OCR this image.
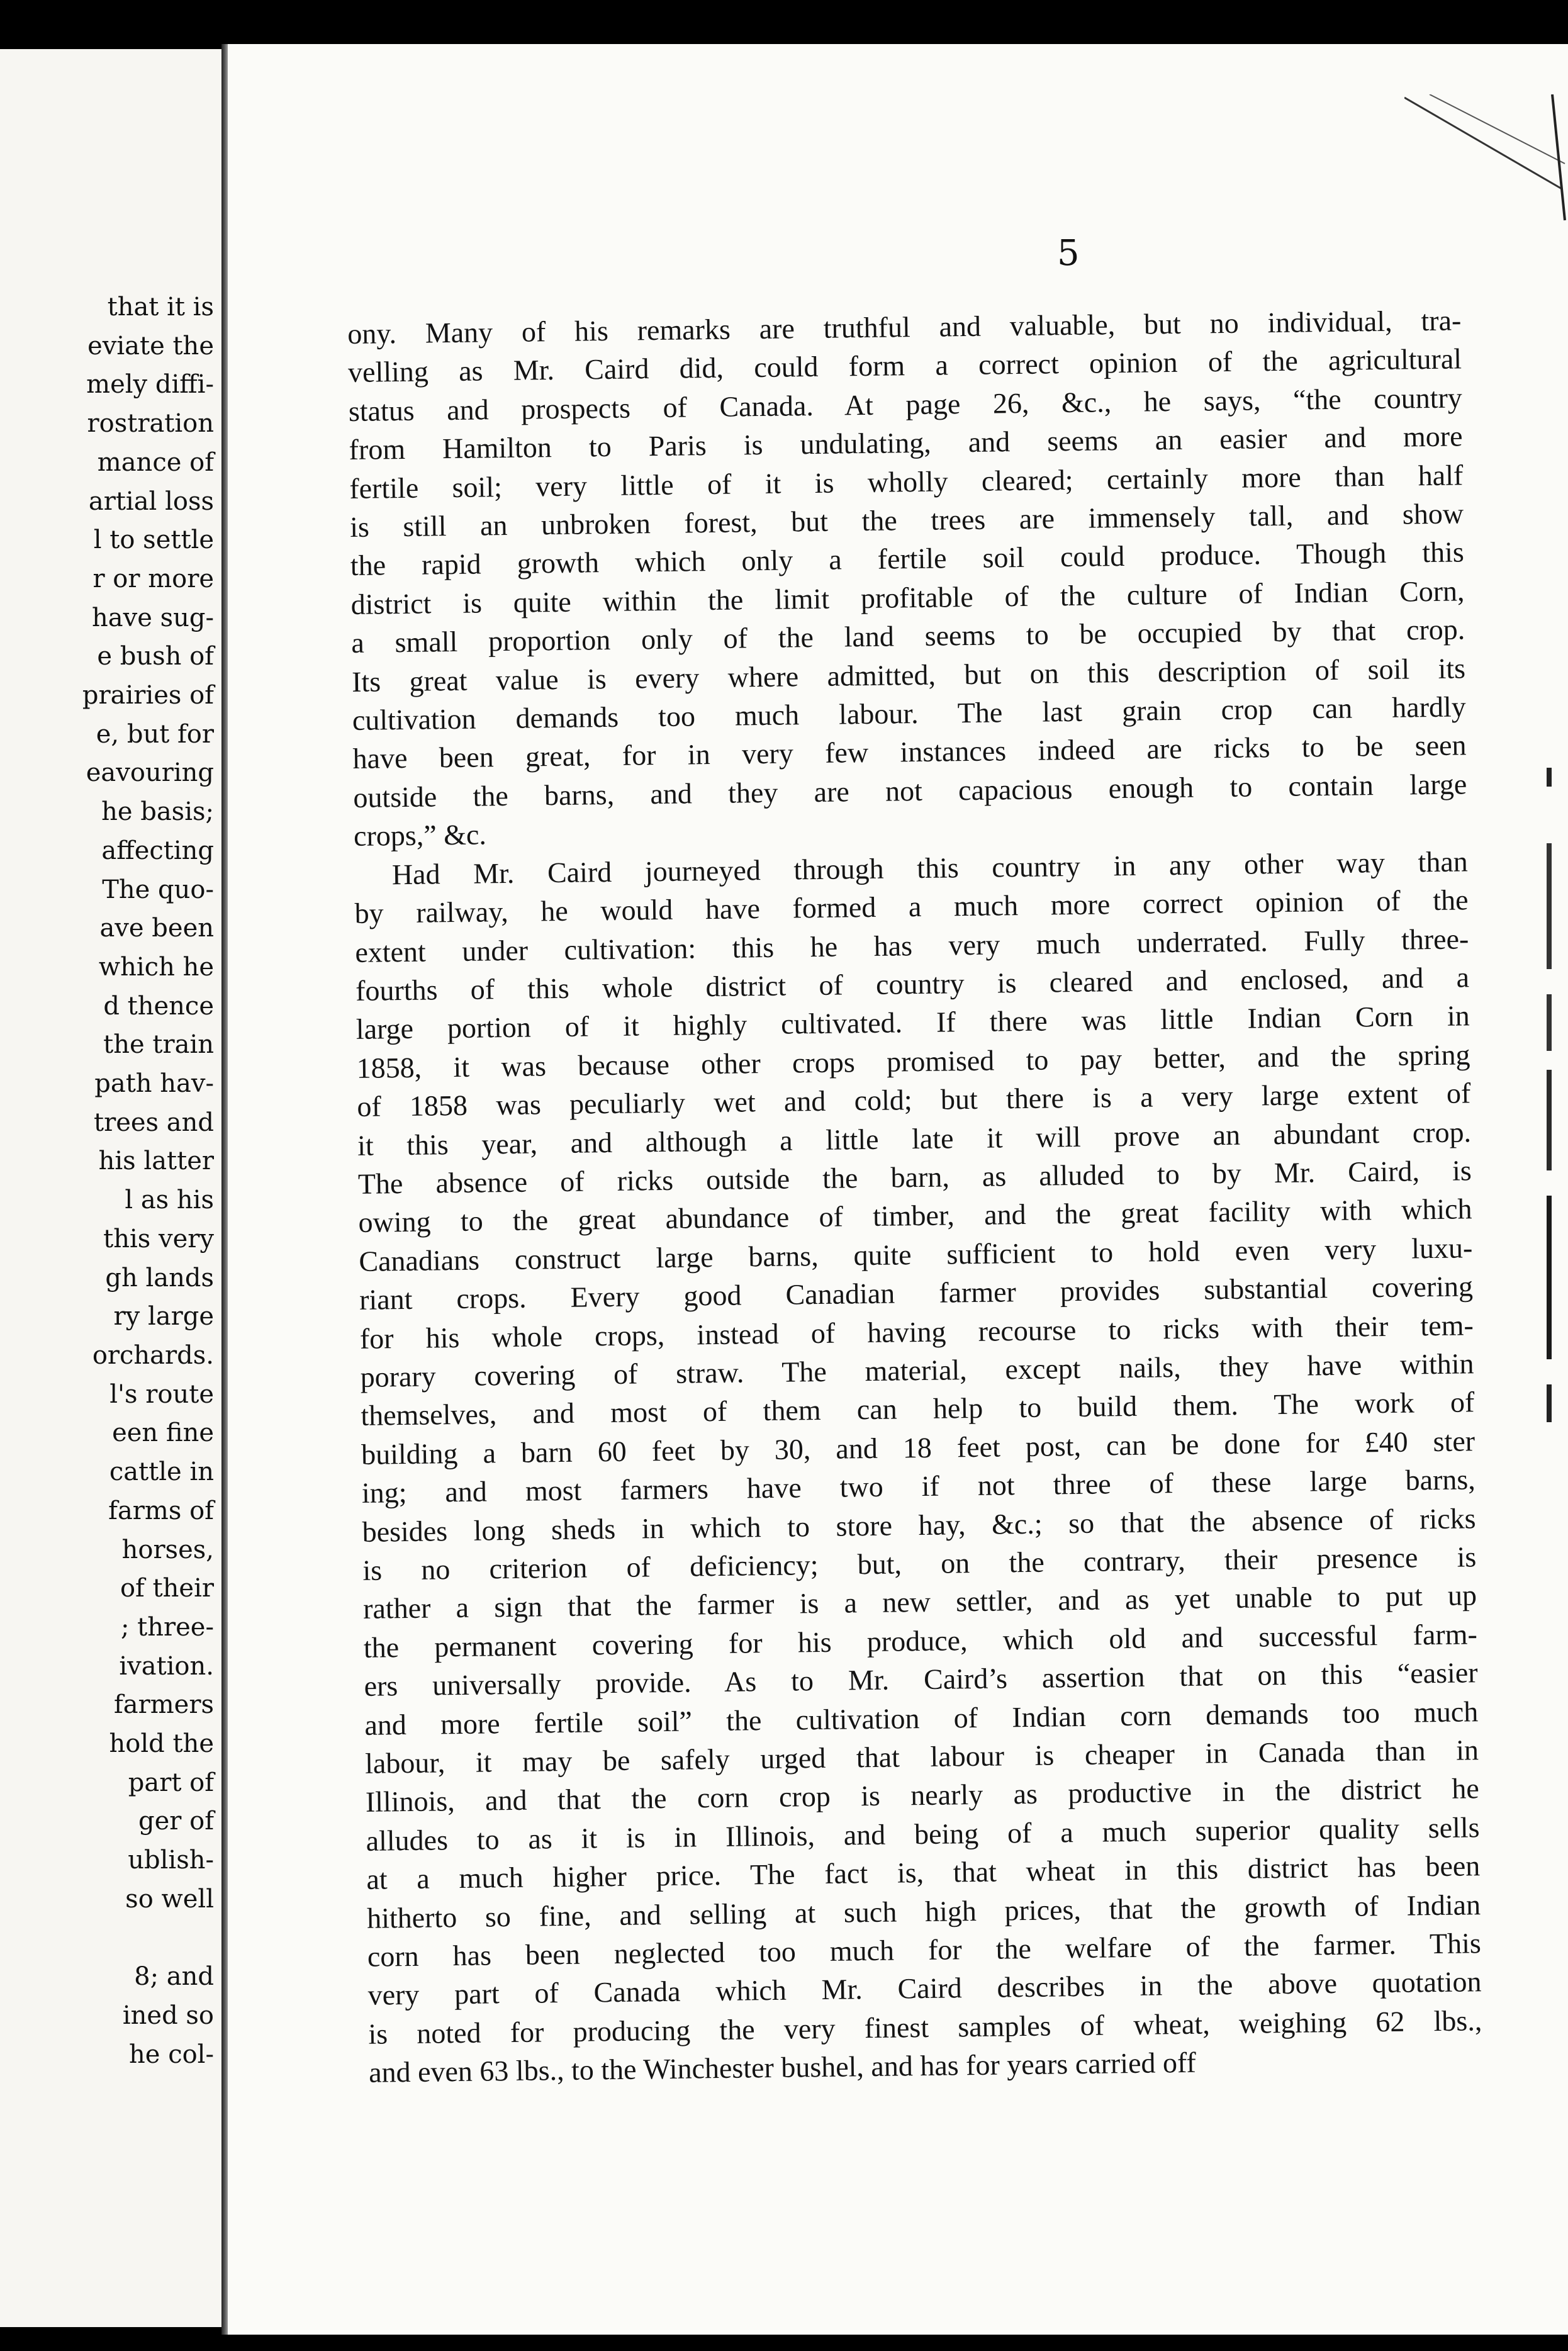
that it is
eviate the
mely diffi-
rostration
mance of
artial loss
l to settle
r or more
have sug-
e bush of
prairies of
e, but for
eavouring
he basis;
affecting
The quo-
ave been
which he
d thence
the train
path hav-
trees and
his latter
l as his
this very
gh lands
ry large
orchards.
l's route
een fine
cattle in
farms of
horses,
of their
; three-
ivation.
farmers
hold the
part of
ger of
ublish-
so well
8; and
ined so
he col-
5
ony. Many of his remarks are truthful and valuable, but no individual, tra-
velling as Mr. Caird did, could form a correct opinion of the agricultural
status and prospects of Canada. At page 26, &c., he says, “the country
from Hamilton to Paris is undulating, and seems an easier and more
fertile soil; very little of it is wholly cleared; certainly more than half
is still an unbroken forest, but the trees are immensely tall, and show
the rapid growth which only a fertile soil could produce. Though this
district is quite within the limit profitable of the culture of Indian Corn,
a small proportion only of the land seems to be occupied by that crop.
Its great value is every where admitted, but on this description of soil its
cultivation demands too much labour. The last grain crop can hardly
have been great, for in very few instances indeed are ricks to be seen
outside the barns, and they are not capacious enough to contain large
crops,” &c.
Had Mr. Caird journeyed through this country in any other way than
by railway, he would have formed a much more correct opinion of the
extent under cultivation: this he has very much underrated. Fully three-
fourths of this whole district of country is cleared and enclosed, and a
large portion of it highly cultivated. If there was little Indian Corn in
1858, it was because other crops promised to pay better, and the spring
of 1858 was peculiarly wet and cold; but there is a very large extent of
it this year, and although a little late it will prove an abundant crop.
The absence of ricks outside the barn, as alluded to by Mr. Caird, is
owing to the great abundance of timber, and the great facility with which
Canadians construct large barns, quite sufficient to hold even very luxu-
riant crops. Every good Canadian farmer provides substantial covering
for his whole crops, instead of having recourse to ricks with their tem-
porary covering of straw. The material, except nails, they have within
themselves, and most of them can help to build them. The work of
building a barn 60 feet by 30, and 18 feet post, can be done for £40 ster
ing; and most farmers have two if not three of these large barns,
besides long sheds in which to store hay, &c.; so that the absence of ricks
is no criterion of deficiency; but, on the contrary, their presence is
rather a sign that the farmer is a new settler, and as yet unable to put up
the permanent covering for his produce, which old and successful farm-
ers universally provide. As to Mr. Caird’s assertion that on this “easier
and more fertile soil” the cultivation of Indian corn demands too much
labour, it may be safely urged that labour is cheaper in Canada than in
Illinois, and that the corn crop is nearly as productive in the district he
alludes to as it is in Illinois, and being of a much superior quality sells
at a much higher price. The fact is, that wheat in this district has been
hitherto so fine, and selling at such high prices, that the growth of Indian
corn has been neglected too much for the welfare of the farmer. This
very part of Canada which Mr. Caird describes in the above quotation
is noted for producing the very finest samples of wheat, weighing 62 lbs.,
and even 63 lbs., to the Winchester bushel, and has for years carried off
